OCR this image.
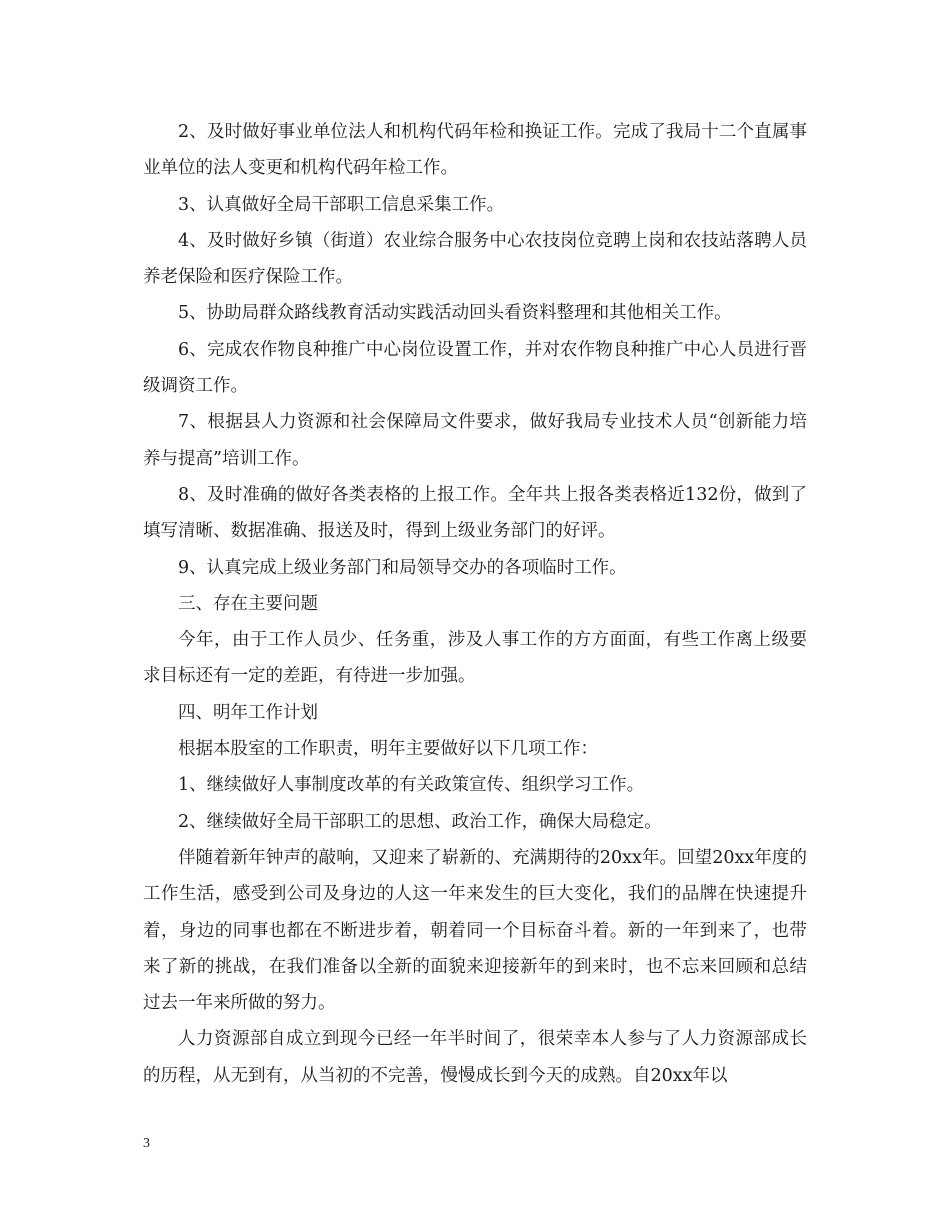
2、及时做好事业单位法人和机构代码年检和换证工作。完成了我局十二个直属事业单位的法人变更和机构代码年检工作。

3、认真做好全局干部职工信息采集工作。

4、及时做好乡镇（街道）农业综合服务中心农技岗位竞聘上岗和农技站落聘人员养老保险和医疗保险工作。

5、协助局群众路线教育活动实践活动回头看资料整理和其他相关工作。

6、完成农作物良种推广中心岗位设置工作，并对农作物良种推广中心人员进行晋级调资工作。

7、根据县人力资源和社会保障局文件要求，做好我局专业技术人员“创新能力培养与提高”培训工作。

8、及时准确的做好各类表格的上报工作。全年共上报各类表格近132份，做到了填写清晰、数据准确、报送及时，得到上级业务部门的好评。

9、认真完成上级业务部门和局领导交办的各项临时工作。

三、存在主要问题

今年，由于工作人员少、任务重，涉及人事工作的方方面面，有些工作离上级要求目标还有一定的差距，有待进一步加强。

四、明年工作计划

根据本股室的工作职责，明年主要做好以下几项工作：

1、继续做好人事制度改革的有关政策宣传、组织学习工作。

2、继续做好全局干部职工的思想、政治工作，确保大局稳定。

伴随着新年钟声的敲响，又迎来了崭新的、充满期待的20xx年。回望20xx年度的工作生活，感受到公司及身边的人这一年来发生的巨大变化，我们的品牌在快速提升着，身边的同事也都在不断进步着，朝着同一个目标奋斗着。新的一年到来了，也带来了新的挑战，在我们准备以全新的面貌来迎接新年的到来时，也不忘来回顾和总结过去一年来所做的努力。

人力资源部自成立到现今已经一年半时间了，很荣幸本人参与了人力资源部成长的历程，从无到有，从当初的不完善，慢慢成长到今天的成熟。自20xx年以

3
